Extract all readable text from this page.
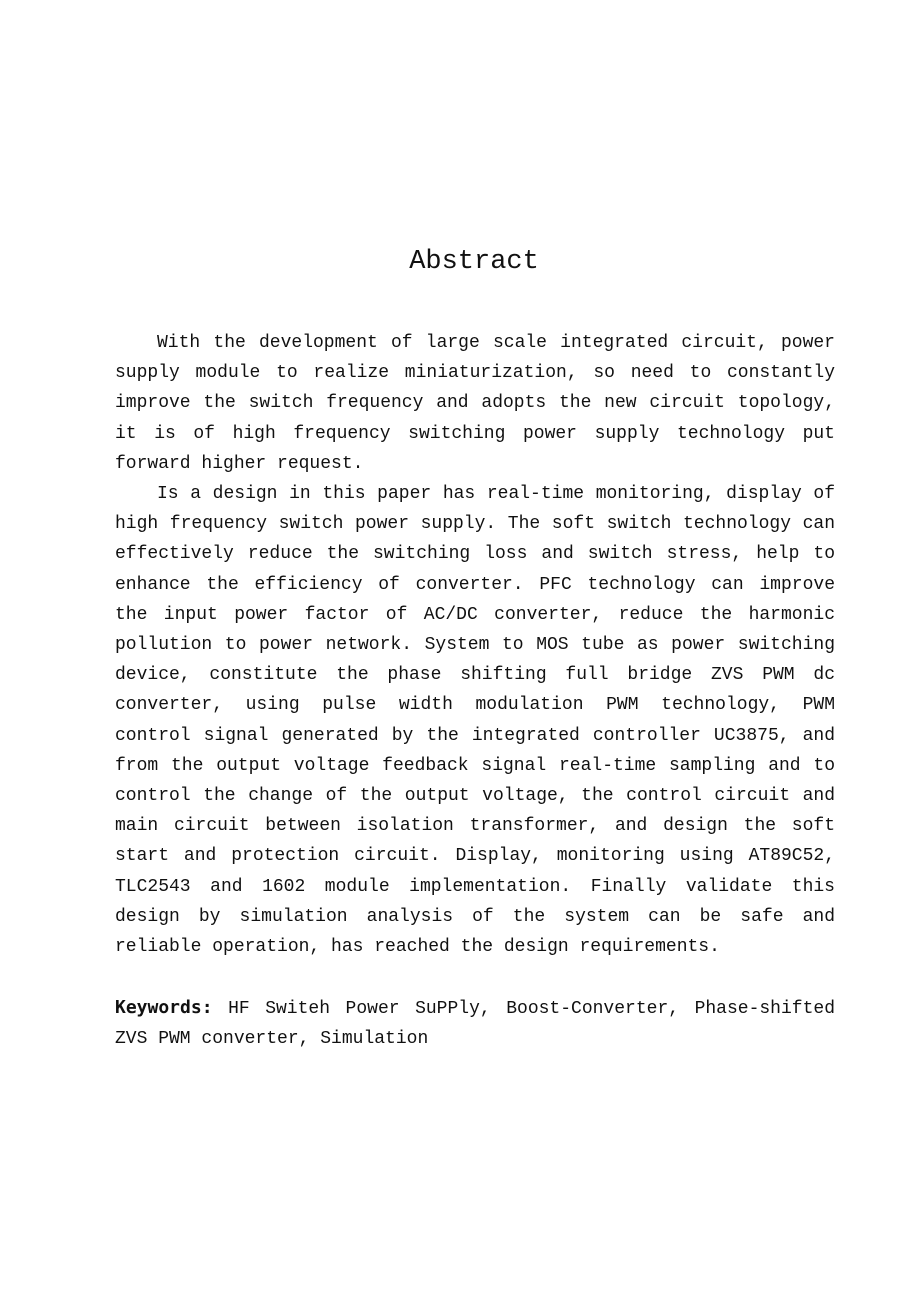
Abstract

With the development of large scale integrated circuit, power supply module to realize miniaturization, so need to constantly improve the switch frequency and adopts the new circuit topology, it is of high frequency switching power supply technology put forward higher request.

Is a design in this paper has real-time monitoring, display of high frequency switch power supply. The soft switch technology can effectively reduce the switching loss and switch stress, help to enhance the efficiency of converter. PFC technology can improve the input power factor of AC/DC converter, reduce the harmonic pollution to power network. System to MOS tube as power switching device, constitute the phase shifting full bridge ZVS PWM dc converter, using pulse width modulation PWM technology, PWM control signal generated by the integrated controller UC3875, and from the output voltage feedback signal real-time sampling and to control the change of the output voltage, the control circuit and main circuit between isolation transformer, and design the soft start and protection circuit. Display, monitoring using AT89C52, TLC2543 and 1602 module implementation. Finally validate this design by simulation analysis of the system can be safe and reliable operation, has reached the design requirements.

Keywords: HF Switeh Power SuPPly, Boost-Converter, Phase-shifted ZVS PWM converter, Simulation
